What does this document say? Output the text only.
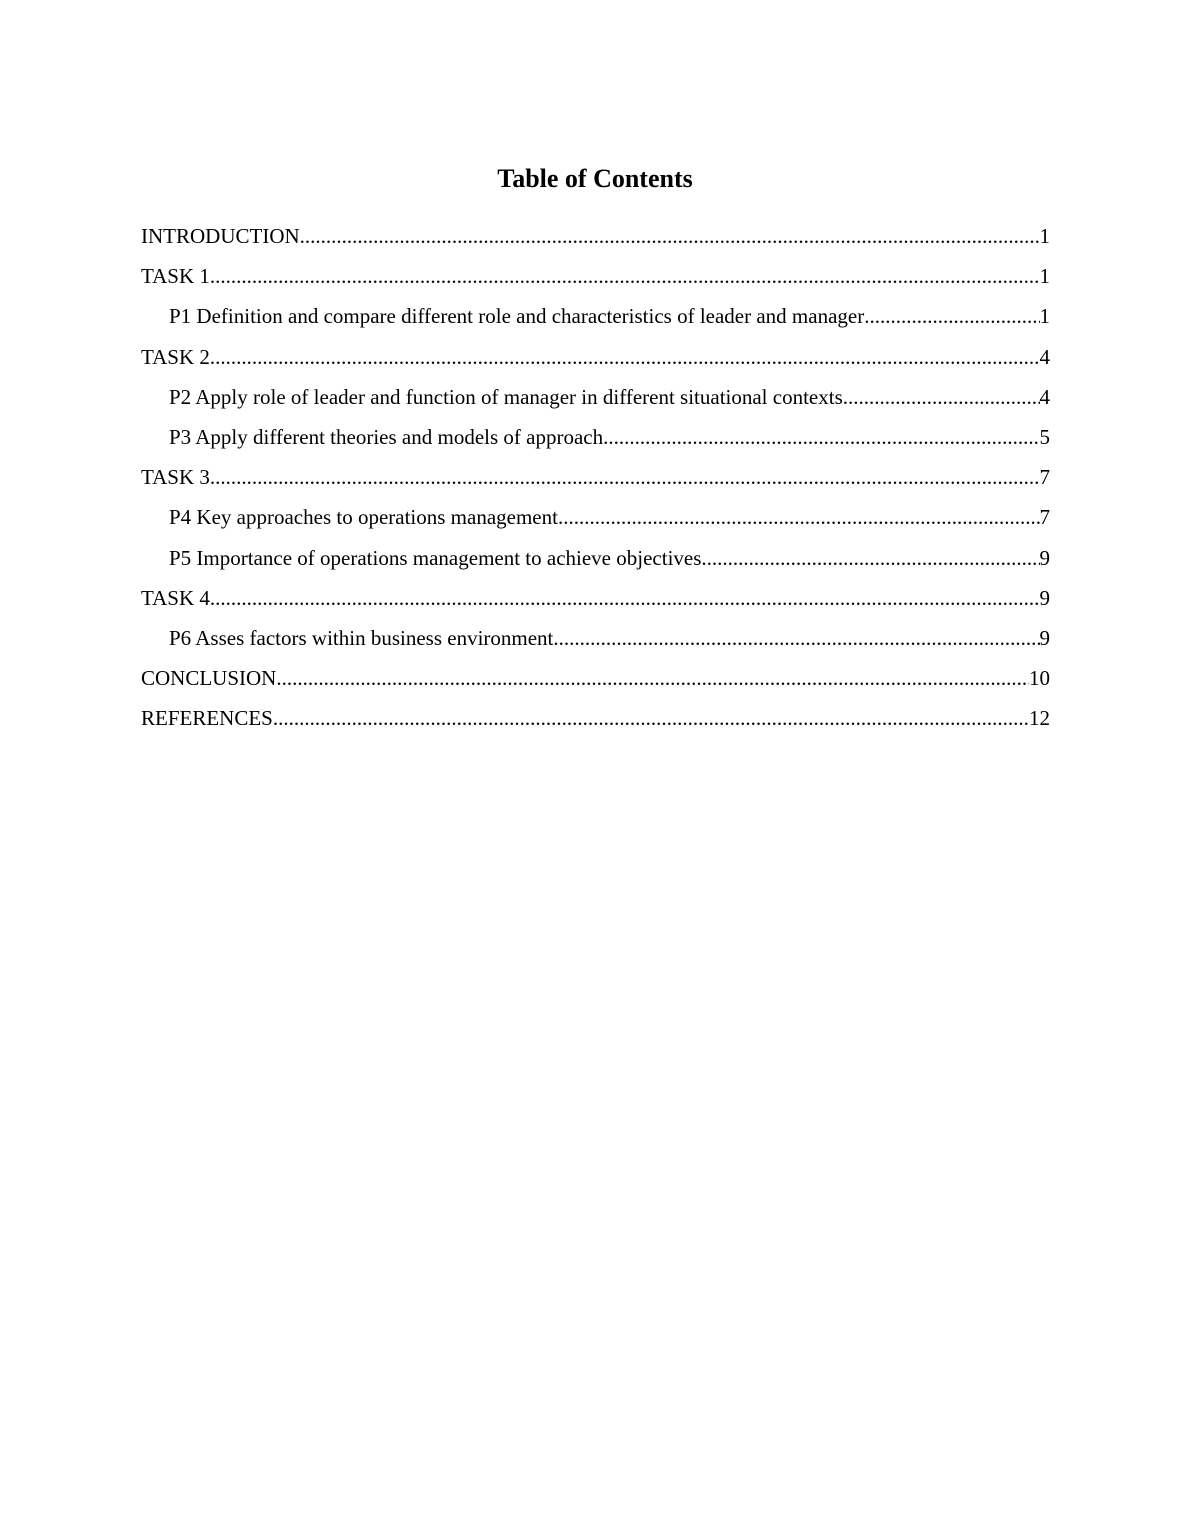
Table of Contents
INTRODUCTION .....	1
TASK 1 .....	1
P1 Definition and compare different role and characteristics of leader and manager .....	1
TASK 2 .....	4
P2 Apply role of leader and function of manager in different situational contexts .....	4
P3 Apply different theories and models of approach .....	5
TASK 3 .....	7
P4 Key approaches to operations management .....	7
P5 Importance of operations management to achieve objectives .....	9
TASK 4 .....	9
P6 Asses factors within business environment .....	9
CONCLUSION .....	10
REFERENCES .....	12
